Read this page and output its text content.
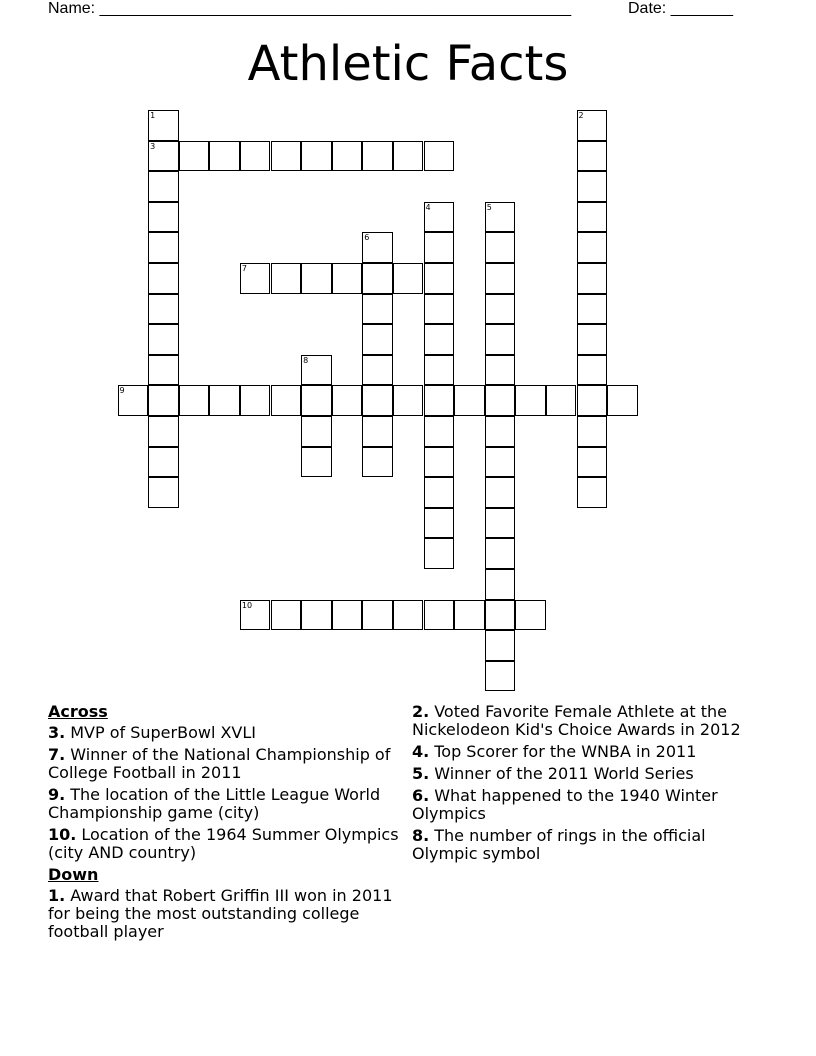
Name: _____________________________________________________	Date: _______
Athletic Facts
1
3
2
4	5
6
7
8
9
10
Across
3. MVP of SuperBowl XVLI
7. Winner of the National Championship of College Football in 2011
9. The location of the Little League World Championship game (city)
10. Location of the 1964 Summer Olympics (city AND country)
Down
1. Award that Robert Griffin III won in 2011 for being the most outstanding college football player
2. Voted Favorite Female Athlete at the Nickelodeon Kid's Choice Awards in 2012
4. Top Scorer for the WNBA in 2011
5. Winner of the 2011 World Series
6. What happened to the 1940 Winter Olympics
8. The number of rings in the official Olympic symbol
